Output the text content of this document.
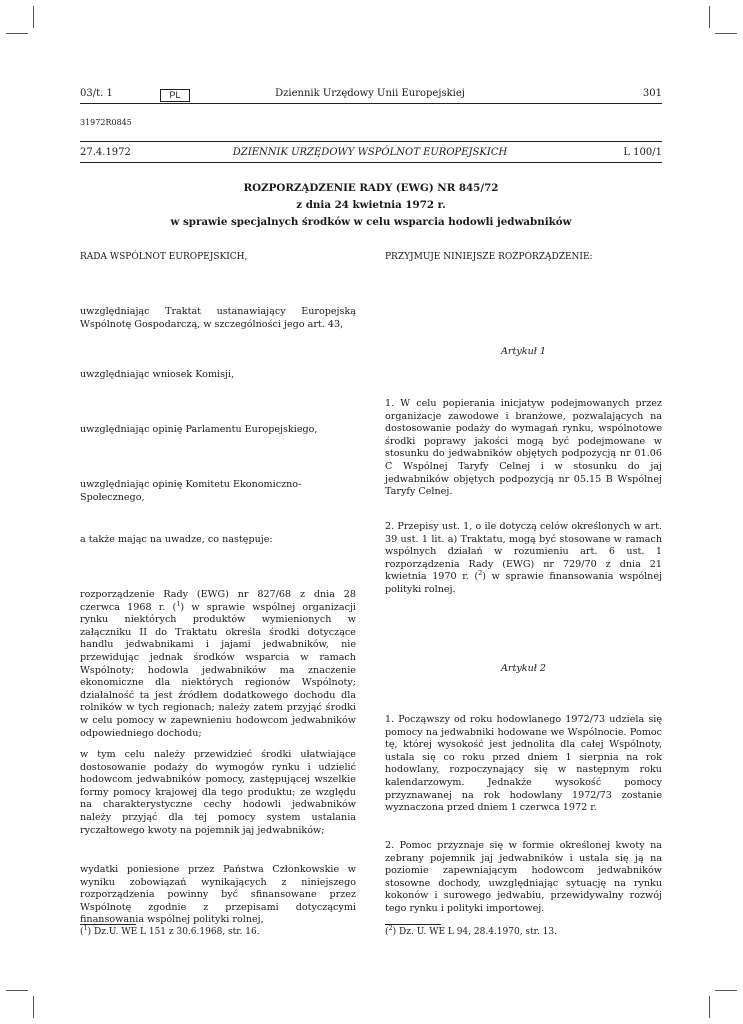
03/t. 1	PL	Dziennik Urzędowy Unii Europejskiej	301
31972R0845
27.4.1972	DZIENNIK URZĘDOWY WSPÓLNOT EUROPEJSKICH	L 100/1
ROZPORZĄDZENIE RADY (EWG) NR 845/72
z dnia 24 kwietnia 1972 r.
w sprawie specjalnych środków w celu wsparcia hodowli jedwabników
RADA WSPÓLNOT EUROPEJSKICH,
uwzględniając Traktat ustanawiający Europejską Wspólnotę Gospodarczą, w szczególności jego art. 43,
uwzględniając wniosek Komisji,
uwzględniając opinię Parlamentu Europejskiego,
uwzględniając opinię Komitetu Ekonomiczno-Społecznego,
a także mając na uwadze, co następuje:
rozporządzenie Rady (EWG) nr 827/68 z dnia 28 czerwca 1968 r. ($^1$) w sprawie wspólnej organizacji rynku niektórych produktów wymienionych w załączniku II do Traktatu określa środki dotyczące handlu jedwabnikami i jajami jedwabników, nie przewidując jednak środków wsparcia w ramach Wspólnoty; hodowla jedwabników ma znaczenie ekonomiczne dla niektórych regionów Wspólnoty; działalność ta jest źródłem dodatkowego dochodu dla rolników w tych regionach; należy zatem przyjąć środki w celu pomocy w zapewnieniu hodowcom jedwabników odpowiedniego dochodu;
w tym celu należy przewidzieć środki ułatwiające dostosowanie podaży do wymogów rynku i udzielić hodowcom jedwabników pomocy, zastępującej wszelkie formy pomocy krajowej dla tego produktu; ze względu na charakterystyczne cechy hodowli jedwabników należy przyjąć dla tej pomocy system ustalania ryczałtowego kwoty na pojemnik jaj jedwabników;
wydatki poniesione przez Państwa Członkowskie w wyniku zobowiązań wynikających z niniejszego rozporządzenia powinny być sfinansowane przez Wspólnotę zgodnie z przepisami dotyczącymi finansowania wspólnej polityki rolnej,
($^1$) Dz.U. WE L 151 z 30.6.1968, str. 16.
PRZYJMUJE NINIEJSZE ROZPORZĄDZENIE:
Artykuł 1
1. W celu popierania inicjatyw podejmowanych przez organizacje zawodowe i branżowe, pozwalających na dostosowanie podaży do wymagań rynku, wspólnotowe środki poprawy jakości mogą być podejmowane w stosunku do jedwabników objętych podpozycją nr 01.06 C Wspólnej Taryfy Celnej i w stosunku do jaj jedwabników objętych podpozycją nr 05.15 B Wspólnej Taryfy Celnej.
2. Przepisy ust. 1, o ile dotyczą celów określonych w art. 39 ust. 1 lit. a) Traktatu, mogą być stosowane w ramach wspólnych działań w rozumieniu art. 6 ust. 1 rozporządzenia Rady (EWG) nr 729/70 z dnia 21 kwietnia 1970 r. ($^2$) w sprawie finansowania wspólnej polityki rolnej.
Artykuł 2
1. Począwszy od roku hodowlanego 1972/73 udziela się pomocy na jedwabniki hodowane we Wspólnocie. Pomoc tę, której wysokość jest jednolita dla całej Wspólnoty, ustala się co roku przed dniem 1 sierpnia na rok hodowlany, rozpoczynający się w następnym roku kalendarzowym. Jednakże wysokość pomocy przyznawanej na rok hodowlany 1972/73 zostanie wyznaczona przed dniem 1 czerwca 1972 r.
2. Pomoc przyznaje się w formie określonej kwoty na zebrany pojemnik jaj jedwabników i ustala się ją na poziomie zapewniającym hodowcom jedwabników stosowne dochody, uwzględniając sytuację na rynku kokonów i surowego jedwabiu, przewidywalny rozwój tego rynku i polityki importowej.
($^2$) Dz. U. WE L 94, 28.4.1970, str. 13.
